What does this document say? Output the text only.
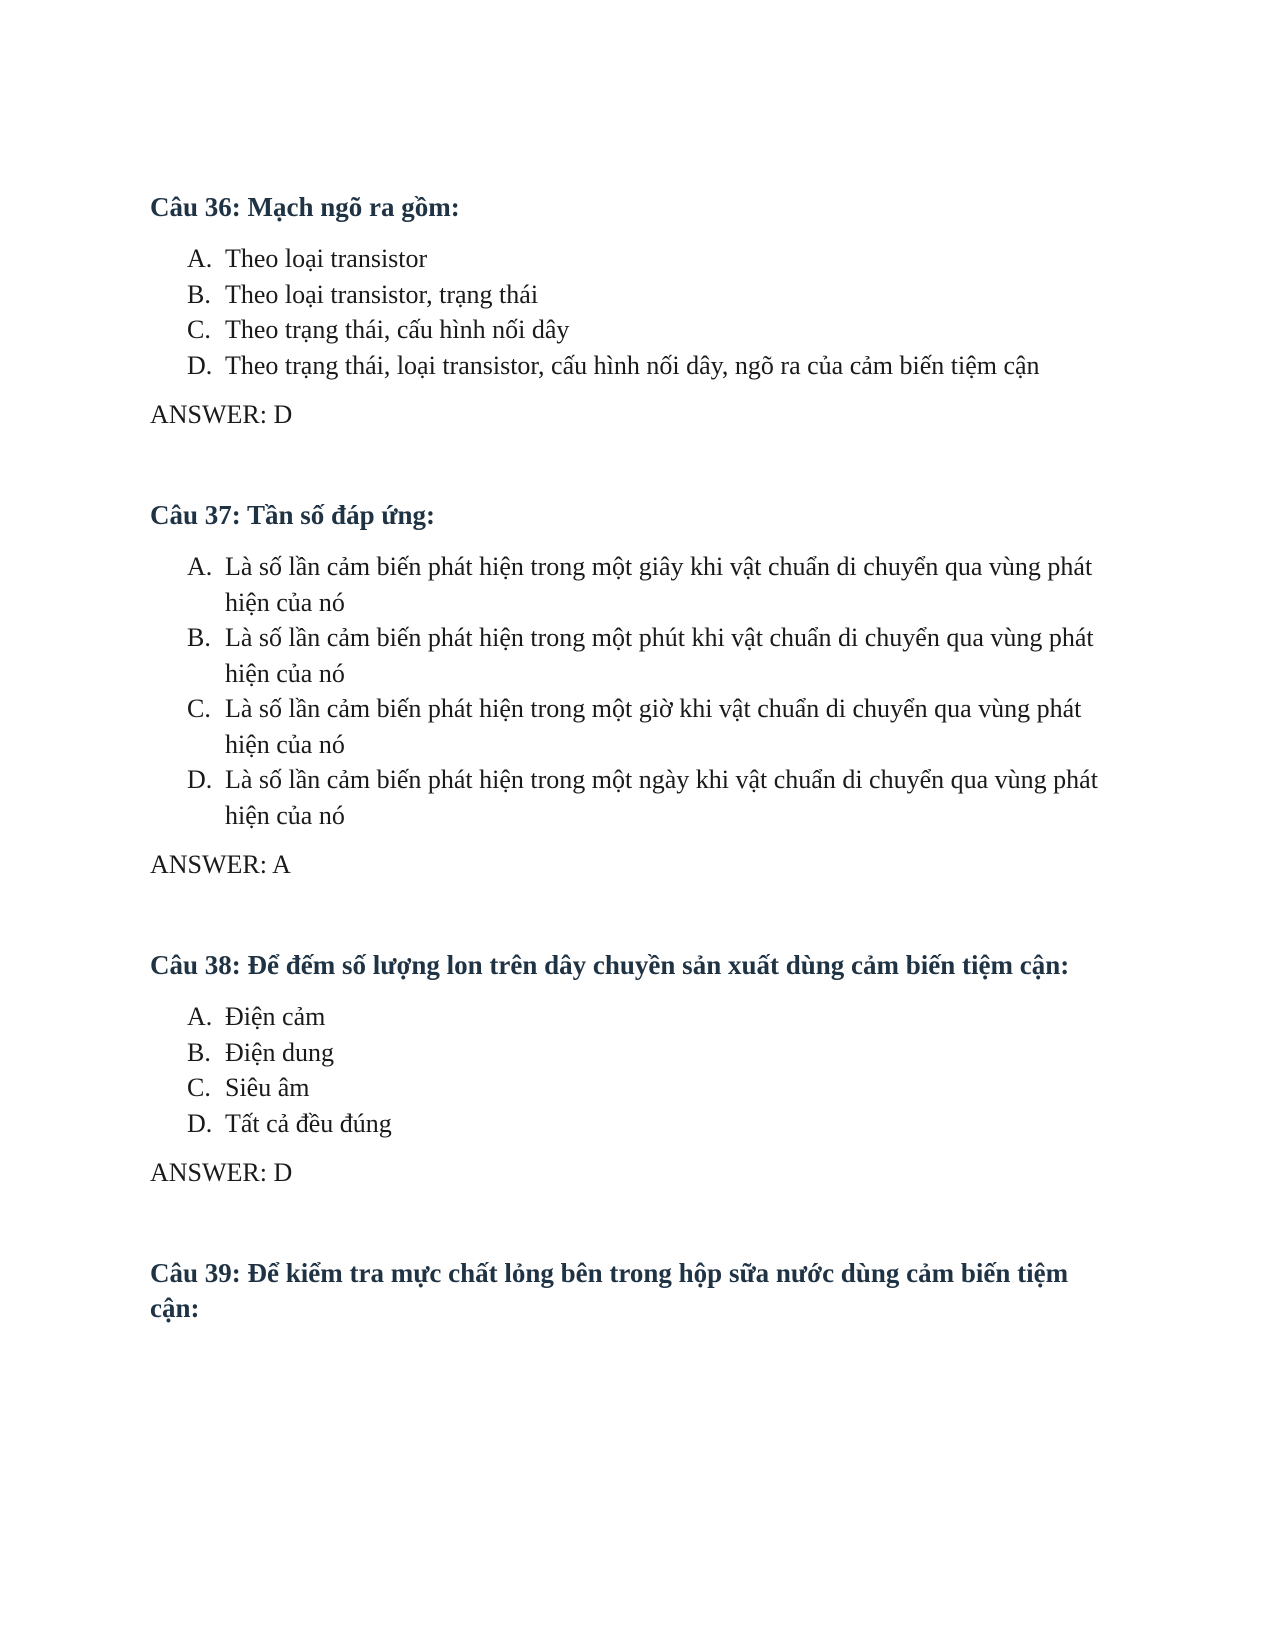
Câu 36: Mạch ngõ ra gồm:

A. Theo loại transistor
B. Theo loại transistor, trạng thái
C. Theo trạng thái, cấu hình nối dây
D. Theo trạng thái, loại transistor, cấu hình nối dây, ngõ ra của cảm biến tiệm cận

ANSWER: D

Câu 37: Tần số đáp ứng:

A. Là số lần cảm biến phát hiện trong một giây khi vật chuẩn di chuyển qua vùng phát hiện của nó
B. Là số lần cảm biến phát hiện trong một phút khi vật chuẩn di chuyển qua vùng phát hiện của nó
C. Là số lần cảm biến phát hiện trong một giờ khi vật chuẩn di chuyển qua vùng phát hiện của nó
D. Là số lần cảm biến phát hiện trong một ngày khi vật chuẩn di chuyển qua vùng phát hiện của nó

ANSWER: A

Câu 38: Để đếm số lượng lon trên dây chuyền sản xuất dùng cảm biến tiệm cận:

A. Điện cảm
B. Điện dung
C. Siêu âm
D. Tất cả đều đúng

ANSWER: D

Câu 39: Để kiểm tra mực chất lỏng bên trong hộp sữa nước dùng cảm biến tiệm cận:
